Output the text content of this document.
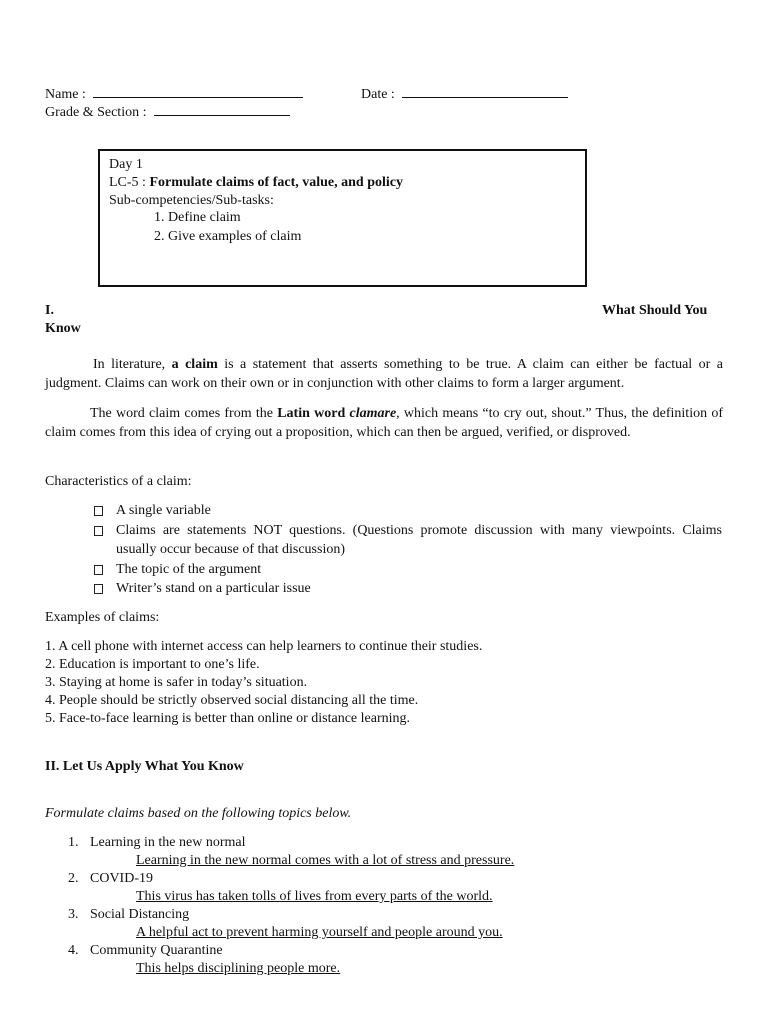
Name :	Date :
Grade & Section :
Day 1
LC-5 : Formulate claims of fact, value, and policy
Sub-competencies/Sub-tasks:
1. Define claim
2. Give examples of claim
I.	What Should You
Know
In literature, a claim is a statement that asserts something to be true. A claim can either be factual or a judgment. Claims can work on their own or in conjunction with other claims to form a larger argument.
The word claim comes from the Latin word clamare, which means “to cry out, shout.” Thus, the definition of claim comes from this idea of crying out a proposition, which can then be argued, verified, or disproved.
Characteristics of a claim:
A single variable
Claims are statements NOT questions. (Questions promote discussion with many viewpoints. Claims usually occur because of that discussion)
The topic of the argument
Writer’s stand on a particular issue
Examples of claims:
1. A cell phone with internet access can help learners to continue their studies.
2. Education is important to one’s life.
3. Staying at home is safer in today’s situation.
4. People should be strictly observed social distancing all the time.
5. Face-to-face learning is better than online or distance learning.
II. Let Us Apply What You Know
Formulate claims based on the following topics below.
1. Learning in the new normal
Learning in the new normal comes with a lot of stress and pressure.
2. COVID-19
This virus has taken tolls of lives from every parts of the world.
3. Social Distancing
A helpful act to prevent harming yourself and people around you.
4. Community Quarantine
This helps disciplining people more.
